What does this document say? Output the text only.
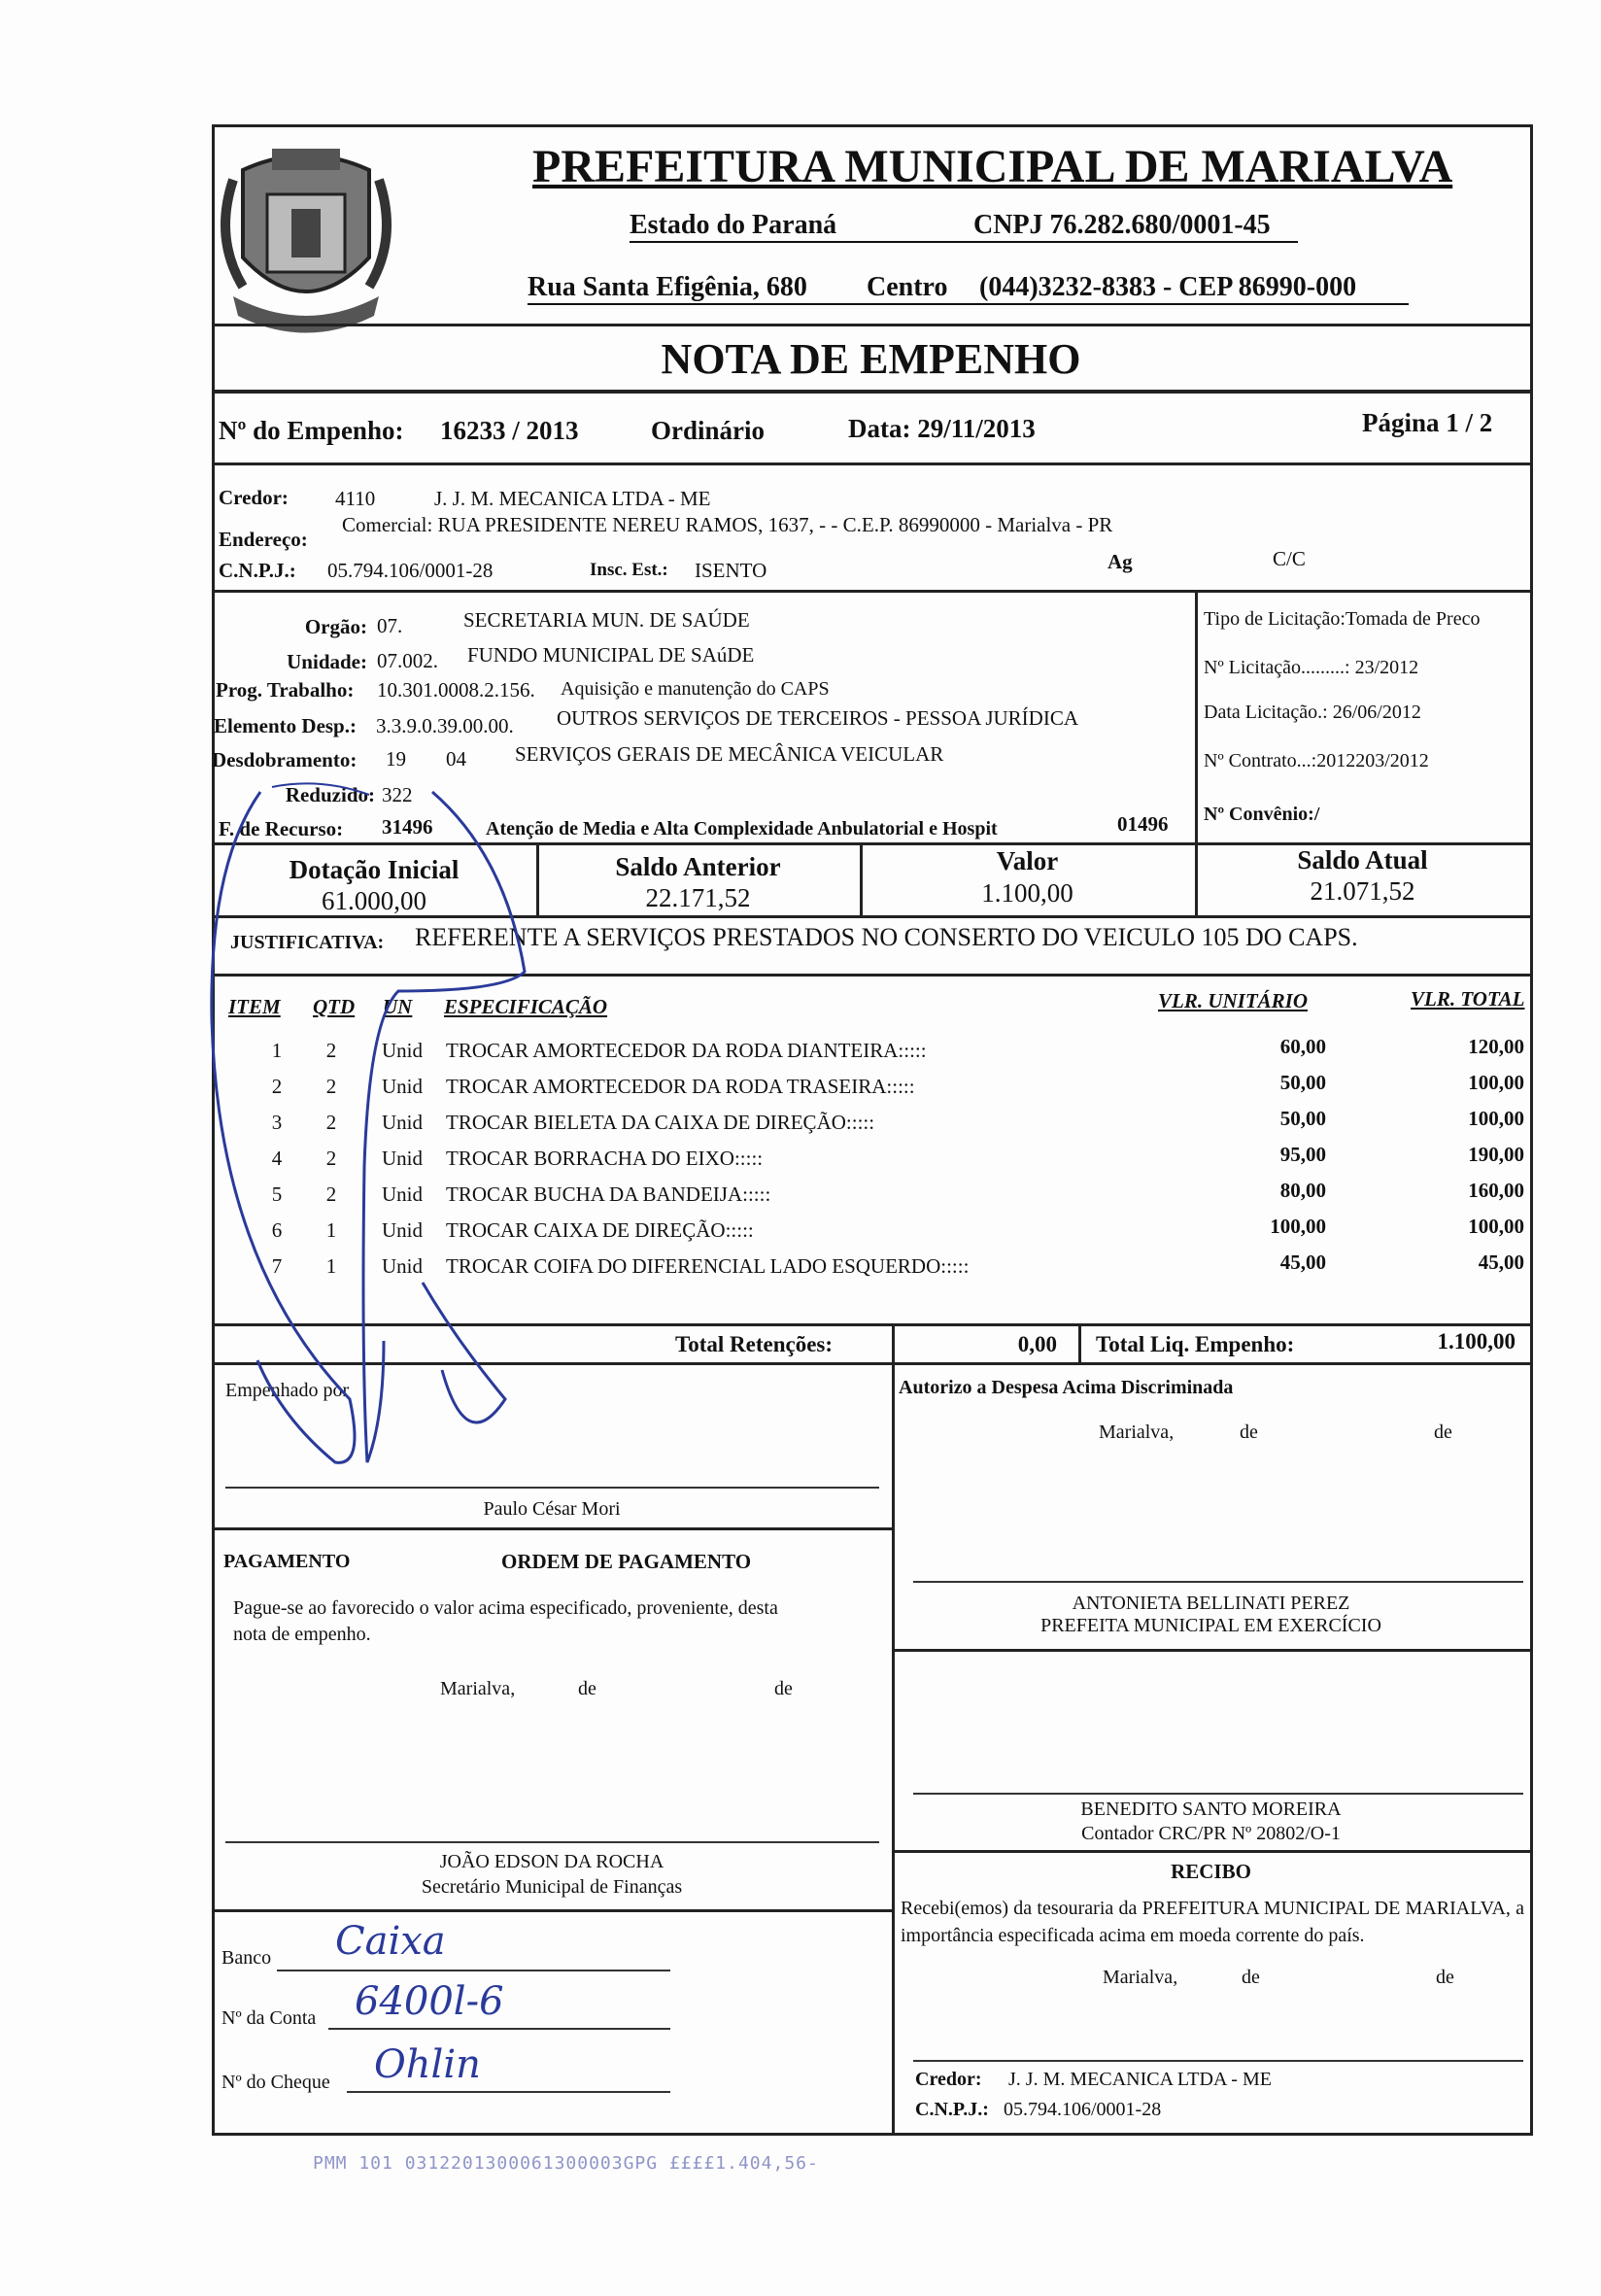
PREFEITURA MUNICIPAL DE MARIALVA
Estado do Paraná	CNPJ 76.282.680/0001-45
Rua Santa Efigênia, 680 Centro (044)3232-8383 - CEP 86990-000
NOTA DE EMPENHO
Nº do Empenho: 16233 / 2013	Ordinário	Data: 29/11/2013	Página 1 / 2
Credor: 4110	J. J. M. MECANICA LTDA - ME
Endereço:
Comercial: RUA PRESIDENTE NEREU RAMOS, 1637, - - C.E.P. 86990000 - Marialva - PR
C.N.P.J.: 05.794.106/0001-28	Insc. Est.: ISENTO	Ag	C/C
Orgão: 07.	SECRETARIA MUN. DE SAÚDE
Unidade: 07.002. FUNDO MUNICIPAL DE SAúDE
Prog. Trabalho: 10.301.0008.2.156. Aquisição e manutenção do CAPS
Elemento Desp.: 3.3.9.0.39.00.00. OUTROS SERVIÇOS DE TERCEIROS - PESSOA JURÍDICA
Desdobramento: 19 04 SERVIÇOS GERAIS DE MECÂNICA VEICULAR
Reduzido: 322
F. de Recurso: 31496	Atenção de Media e Alta Complexidade Anbulatorial e Hospit	01496
Tipo de Licitação:Tomada de Preco
Nº Licitação.........: 23/2012
Data Licitação.: 26/06/2012
Nº Contrato...:2012203/2012
Nº Convênio:/
Dotação Inicial
61.000,00
Saldo Anterior
22.171,52
Valor
1.100,00
Saldo Atual
21.071,52
JUSTIFICATIVA: REFERENTE A SERVIÇOS PRESTADOS NO CONSERTO DO VEICULO 105 DO CAPS.
ITEM QTD UN ESPECIFICAÇÃO	VLR. UNITÁRIO	VLR. TOTAL
1	2	Unid TROCAR AMORTECEDOR DA RODA DIANTEIRA:::::	60,00	120,00
2	2	Unid TROCAR AMORTECEDOR DA RODA TRASEIRA:::::	50,00	100,00
3	2	Unid TROCAR BIELETA DA CAIXA DE DIREÇÃO:::::	50,00	100,00
4	2	Unid TROCAR BORRACHA DO EIXO:::::	95,00	190,00
5	2	Unid TROCAR BUCHA DA BANDEIJA:::::	80,00	160,00
6	1	Unid TROCAR CAIXA DE DIREÇÃO:::::	100,00	100,00
7	1	Unid TROCAR COIFA DO DIFERENCIAL LADO ESQUERDO:::::	45,00	45,00
Total Retenções:	0,00 Total Liq. Empenho:	1.100,00
Empenhado por
Paulo César Mori
PAGAMENTO	ORDEM DE PAGAMENTO
Pague-se ao favorecido o valor acima especificado, proveniente, desta
nota de empenho.
Marialva,	de	de
JOÃO EDSON DA ROCHA
Secretário Municipal de Finanças
Banco Caixa
Nº da Conta 6400l-6
Nº do Cheque Ohlin
Autorizo a Despesa Acima Discriminada
Marialva,	de	de
ANTONIETA BELLINATI PEREZ
PREFEITA MUNICIPAL EM EXERCÍCIO
BENEDITO SANTO MOREIRA
Contador CRC/PR Nº 20802/O-1
RECIBO
Recebi(emos) da tesouraria da PREFEITURA MUNICIPAL DE MARIALVA, a importância especificada acima em moeda corrente do país.
Marialva,	de	de
Credor: J. J. M. MECANICA LTDA - ME
C.N.P.J.: 05.794.106/0001-28
PMM 101 0312201300061300003GPG ££££1.404,56-
